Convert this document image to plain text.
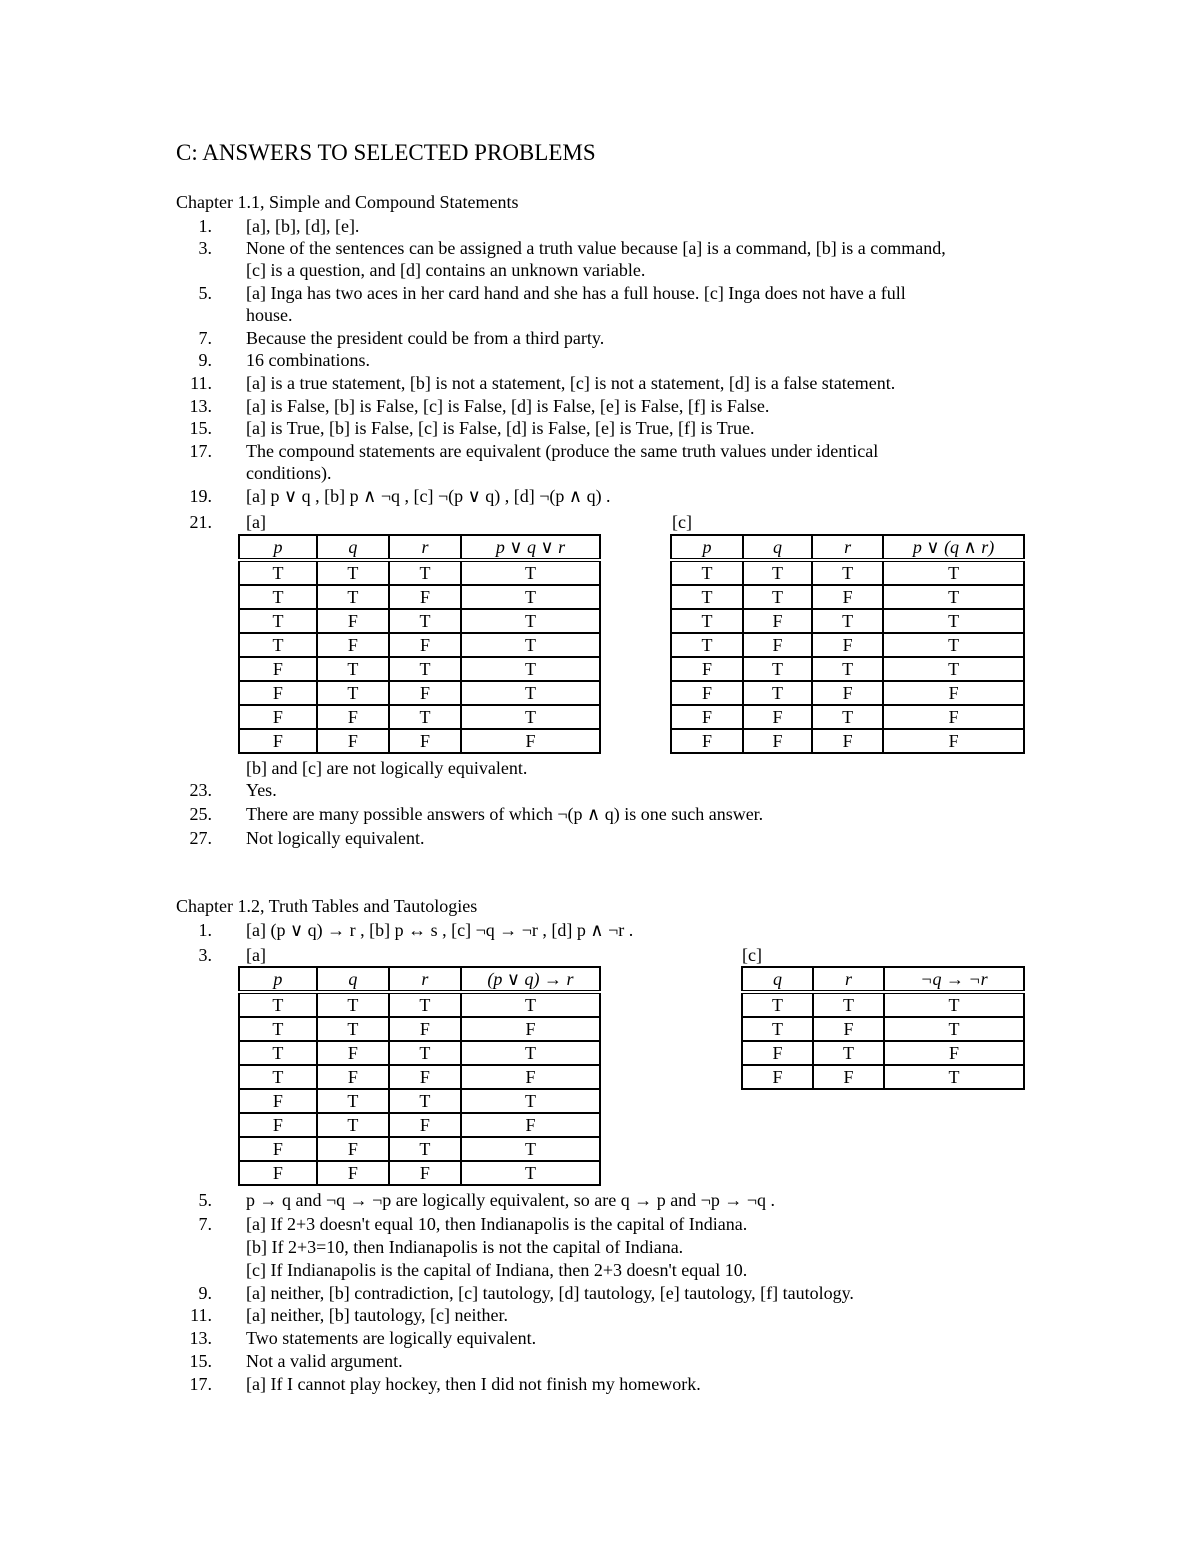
C: ANSWERS TO SELECTED PROBLEMS
Chapter 1.1, Simple and Compound Statements
1. [a], [b], [d], [e].
3. None of the sentences can be assigned a truth value because [a] is a command, [b] is a command,
[c] is a question, and [d] contains an unknown variable.
5. [a] Inga has two aces in her card hand and she has a full house. [c] Inga does not have a full
house.
7. Because the president could be from a third party.
9. 16 combinations.
11. [a] is a true statement, [b] is not a statement, [c] is not a statement, [d] is a false statement.
13. [a] is False, [b] is False, [c] is False, [d] is False, [e] is False, [f] is False.
15. [a] is True, [b] is False, [c] is False, [d] is False, [e] is True, [f] is True.
17. The compound statements are equivalent (produce the same truth values under identical
conditions).
19. [a] p ∨ q , [b] p ∧ ¬q , [c] ¬(p ∨ q) , [d] ¬(p ∧ q) .
21. [a]	[c]
p	q	r	p ∨ q ∨ r
T	T	T	T
T	T	F	T
T	F	T	T
T	F	F	T
F	T	T	T
F	T	F	T
F	F	T	T
F	F	F	F
p	q	r	p ∨ (q ∧ r)
T	T	T	T
T	T	F	T
T	F	T	T
T	F	F	T
F	T	T	T
F	T	F	F
F	F	T	F
F	F	F	F
[b] and [c] are not logically equivalent.
23. Yes.
25. There are many possible answers of which ¬(p ∧ q) is one such answer.
27. Not logically equivalent.
Chapter 1.2, Truth Tables and Tautologies
1. [a] (p ∨ q) → r , [b] p ↔ s , [c] ¬q → ¬r , [d] p ∧ ¬r .
3. [a]	[c]
p	q	r	(p ∨ q) → r
T	T	T	T
T	T	F	F
T	F	T	T
T	F	F	F
F	T	T	T
F	T	F	F
F	F	T	T
F	F	F	T
q	r	¬q → ¬r
T	T	T
T	F	T
F	T	F
F	F	T
5. p → q and ¬q → ¬p are logically equivalent, so are q → p and ¬p → ¬q .
7. [a] If 2+3 doesn't equal 10, then Indianapolis is the capital of Indiana.
[b] If 2+3=10, then Indianapolis is not the capital of Indiana.
[c] If Indianapolis is the capital of Indiana, then 2+3 doesn't equal 10.
9. [a] neither, [b] contradiction, [c] tautology, [d] tautology, [e] tautology, [f] tautology.
11. [a] neither, [b] tautology, [c] neither.
13. Two statements are logically equivalent.
15. Not a valid argument.
17. [a] If I cannot play hockey, then I did not finish my homework.
